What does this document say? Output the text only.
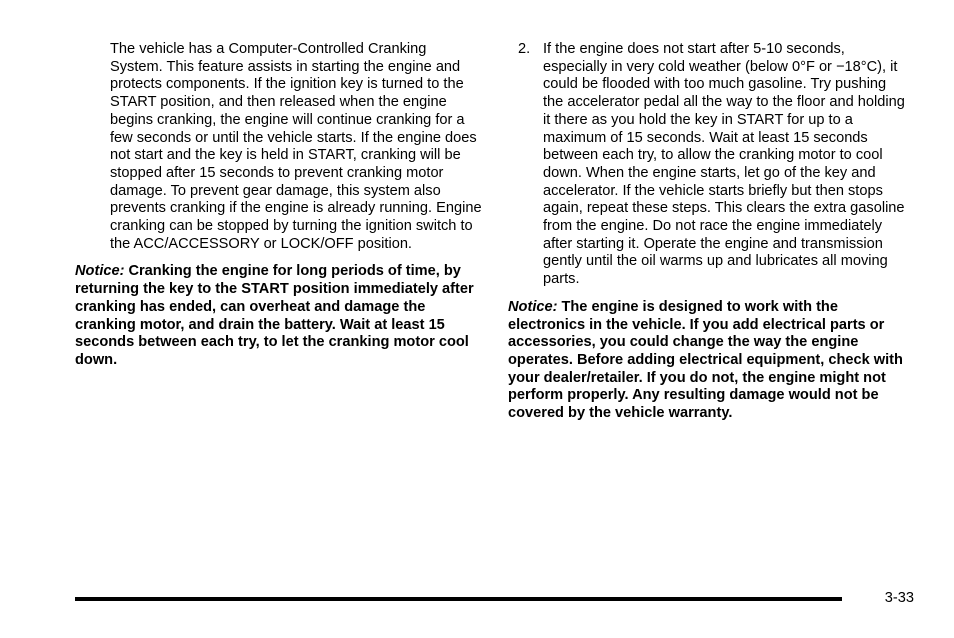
The vehicle has a Computer-Controlled Cranking System. This feature assists in starting the engine and protects components. If the ignition key is turned to the START position, and then released when the engine begins cranking, the engine will continue cranking for a few seconds or until the vehicle starts. If the engine does not start and the key is held in START, cranking will be stopped after 15 seconds to prevent cranking motor damage. To prevent gear damage, this system also prevents cranking if the engine is already running. Engine cranking can be stopped by turning the ignition switch to the ACC/ACCESSORY or LOCK/OFF position.

Notice: Cranking the engine for long periods of time, by returning the key to the START position immediately after cranking has ended, can overheat and damage the cranking motor, and drain the battery. Wait at least 15 seconds between each try, to let the cranking motor cool down.

2. If the engine does not start after 5-10 seconds, especially in very cold weather (below 0°F or −18°C), it could be flooded with too much gasoline. Try pushing the accelerator pedal all the way to the floor and holding it there as you hold the key in START for up to a maximum of 15 seconds. Wait at least 15 seconds between each try, to allow the cranking motor to cool down. When the engine starts, let go of the key and accelerator. If the vehicle starts briefly but then stops again, repeat these steps. This clears the extra gasoline from the engine. Do not race the engine immediately after starting it. Operate the engine and transmission gently until the oil warms up and lubricates all moving parts.

Notice: The engine is designed to work with the electronics in the vehicle. If you add electrical parts or accessories, you could change the way the engine operates. Before adding electrical equipment, check with your dealer/retailer. If you do not, the engine might not perform properly. Any resulting damage would not be covered by the vehicle warranty.

3-33
